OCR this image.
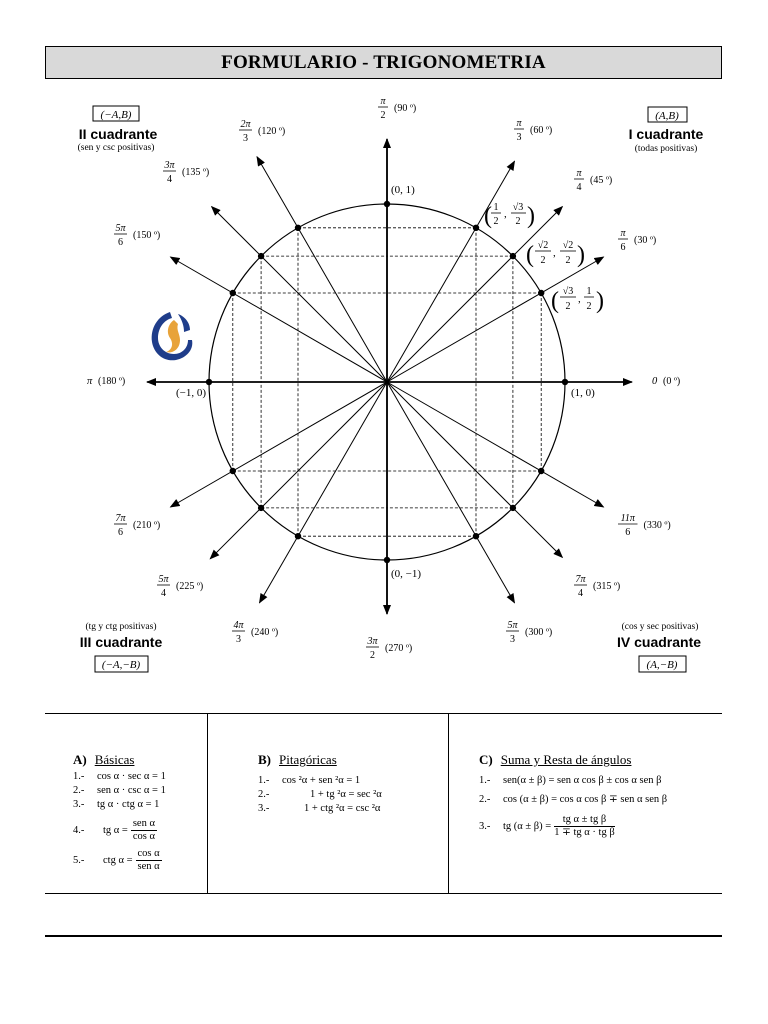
FORMULARIO - TRIGONOMETRIA
0 (0 º)
π
6
(30 º)
π
4
(45 º)
π
3
(60 º)
π
2
(90 º)
2π
3
(120 º)
3π
4
(135 º)
5π
6
(150 º)
π (180 º)
7π
6
(210 º)
5π
4
(225 º)
4π
3
(240 º)
3π
2
(270 º)
5π
3
(300 º)
7π
4
(315 º)
11π
6
(330 º)
(0, 1)
(0, −1)
(−1, 0)	(1, 0)
(−A,B)
II cuadrante
(sen y csc positivas)
(A,B)
I cuadrante
(todas positivas)
(tg y ctg positivas)
III cuadrante
(−A,−B)
(cos y sec positivas)
IV cuadrante
(A,−B)
( 1
2
,
√3
2 )
( √2
2
,
√2
2 )
( √3
2
,
1
2 )
A) Básicas
1.- cos α · sec α = 1
2.- sen α · csc α = 1
3.- tg α · ctg α = 1
4.- tg $\alpha = \frac{\text{sen α}}{\text{cos α}}$
5.- ctg $\alpha = \frac{\text{cos α}}{\text{sen α}}$
B) Pitagóricas
1.- cos ²α + sen ²α = 1
2.-	1 + tg ²α = sec ²α
3.-	1 + ctg ²α = csc ²α
C) Suma y Resta de ángulos
1.- sen(α ± β) = sen α cos β ± cos α sen β
2.- cos (α ± β) = cos α cos β ∓ sen α sen β
3.- tg $(\alpha \pm \beta) = \frac{\text{tg α ± tg β}}{\text{1 ∓ tg α · tg β}}$
